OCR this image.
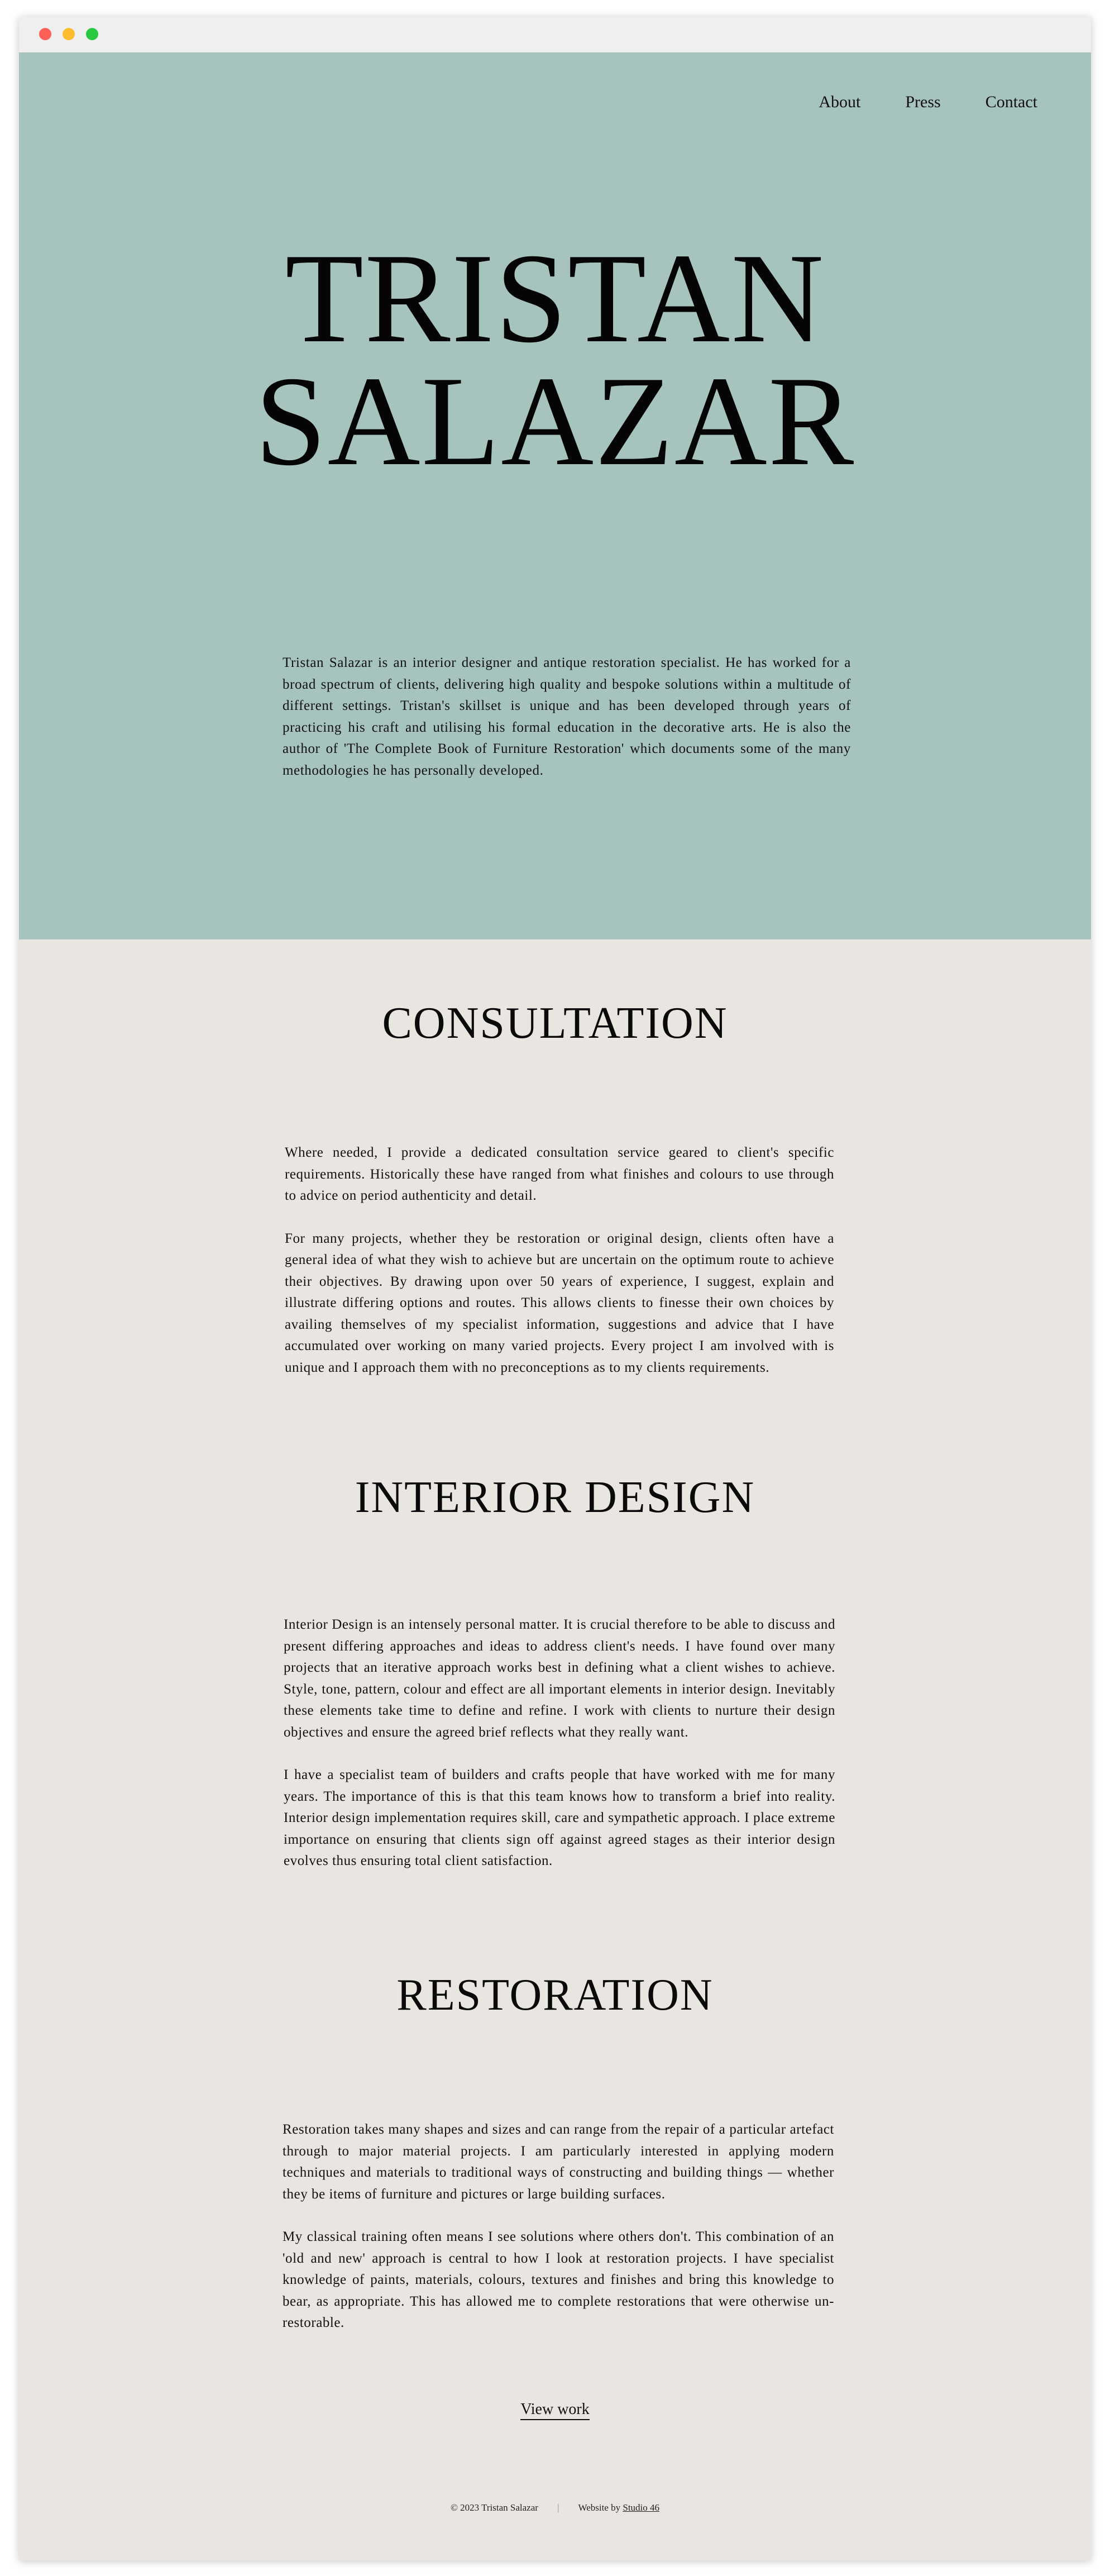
About	Press	Contact
TRISTAN
SALAZAR

Tristan Salazar is an interior designer and antique restoration specialist. He has worked for a broad spectrum of clients, delivering high quality and bespoke solutions within a multitude of different settings. Tristan's skillset is unique and has been developed through years of practicing his craft and utilising his formal education in the decorative arts. He is also the author of 'The Complete Book of Furniture Restoration' which documents some of the many methodologies he has personally developed.

CONSULTATION

Where needed, I provide a dedicated consultation service geared to client's specific requirements. Historically these have ranged from what finishes and colours to use through to advice on period authenticity and detail.

For many projects, whether they be restoration or original design, clients often have a general idea of what they wish to achieve but are uncertain on the optimum route to achieve their objectives. By drawing upon over 50 years of experience, I suggest, explain and illustrate differing options and routes. This allows clients to finesse their own choices by availing themselves of my specialist information, suggestions and advice that I have accumulated over working on many varied projects. Every project I am involved with is unique and I approach them with no preconceptions as to my clients requirements.

INTERIOR DESIGN

Interior Design is an intensely personal matter. It is crucial therefore to be able to discuss and present differing approaches and ideas to address client's needs. I have found over many projects that an iterative approach works best in defining what a client wishes to achieve. Style, tone, pattern, colour and effect are all important elements in interior design. Inevitably these elements take time to define and refine. I work with clients to nurture their design objectives and ensure the agreed brief reflects what they really want.

I have a specialist team of builders and crafts people that have worked with me for many years. The importance of this is that this team knows how to transform a brief into reality. Interior design implementation requires skill, care and sympathetic approach. I place extreme importance on ensuring that clients sign off against agreed stages as their interior design evolves thus ensuring total client satisfaction.

RESTORATION

Restoration takes many shapes and sizes and can range from the repair of a particular artefact through to major material projects. I am particularly interested in applying modern techniques and materials to traditional ways of constructing and building things — whether they be items of furniture and pictures or large building surfaces.

My classical training often means I see solutions where others don't. This combination of an 'old and new' approach is central to how I look at restoration projects. I have specialist knowledge of paints, materials, colours, textures and finishes and bring this knowledge to bear, as appropriate. This has allowed me to complete restorations that were otherwise un-restorable.

View work
© 2023 Tristan Salazar | Website by Studio 46
